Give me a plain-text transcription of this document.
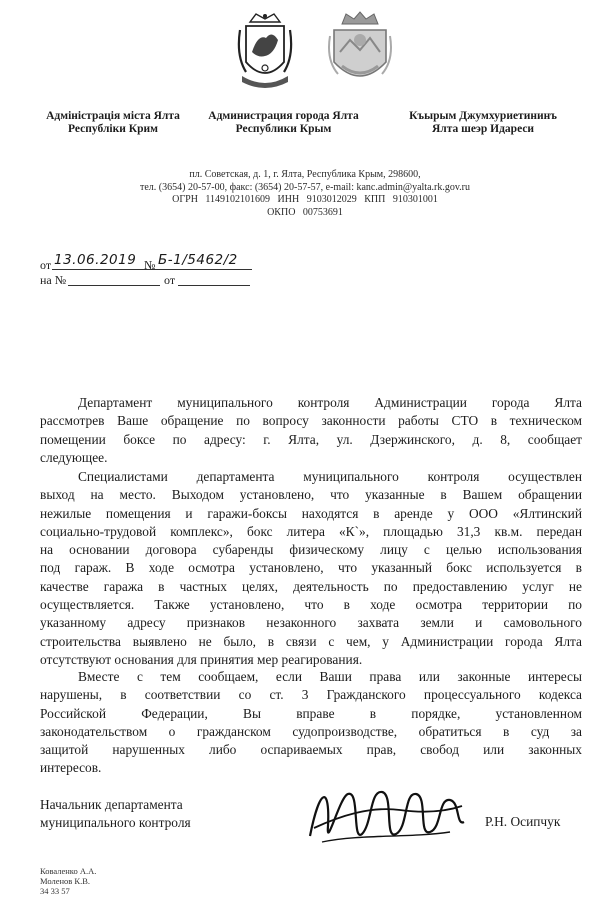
Адміністрація міста Ялта
Республіки Крим
Администрация города Ялта
Республики Крым
Къырым Джумхуриетининъ
Ялта шеэр Идареси
пл. Советская, д. 1, г. Ялта, Республика Крым, 298600,
тел. (3654) 20-57-00, факс: (3654) 20-57-57, e-mail: kanc.admin@yalta.rk.gov.ru
ОГРН   1149102101609   ИНН   9103012029   КПП   910301001
ОКПО   00753691
от 13.06.2019 № Б-1/5462/2
на №	от
Департамент муниципального контроля Администрации города Ялта
рассмотрев Ваше обращение по вопросу законности работы СТО в техническом
помещении боксе по адресу: г. Ялта, ул. Дзержинского, д. 8, сообщает
следующее.
Специалистами департамента муниципального контроля осуществлен
выход на место. Выходом установлено, что указанные в Вашем обращении
нежилые помещения и гаражи-боксы находятся в аренде у ООО «Ялтинский
социально-трудовой комплекс», бокс литера «К`», площадью 31,3 кв.м. передан
на основании договора субаренды физическому лицу с целью использования
под гараж. В ходе осмотра установлено, что указанный бокс используется в
качестве гаража в частных целях, деятельность по предоставлению услуг не
осуществляется. Также установлено, что в ходе осмотра территории по
указанному адресу признаков незаконного захвата земли и самовольного
строительства выявлено не было, в связи с чем, у Администрации города Ялта
отсутствуют основания для принятия мер реагирования.
Вместе с тем сообщаем, если Ваши права или законные интересы
нарушены, в соответствии со ст. 3 Гражданского процессуального кодекса
Российской Федерации, Вы вправе в порядке, установленном
законодательством о гражданском судопроизводстве, обратиться в суд за
защитой нарушенных либо оспариваемых прав, свобод или законных
интересов.
Начальник департамента
муниципального контроля	Р.Н. Осипчук
Коваленко А.А.
Моленов К.В.
34 33 57
